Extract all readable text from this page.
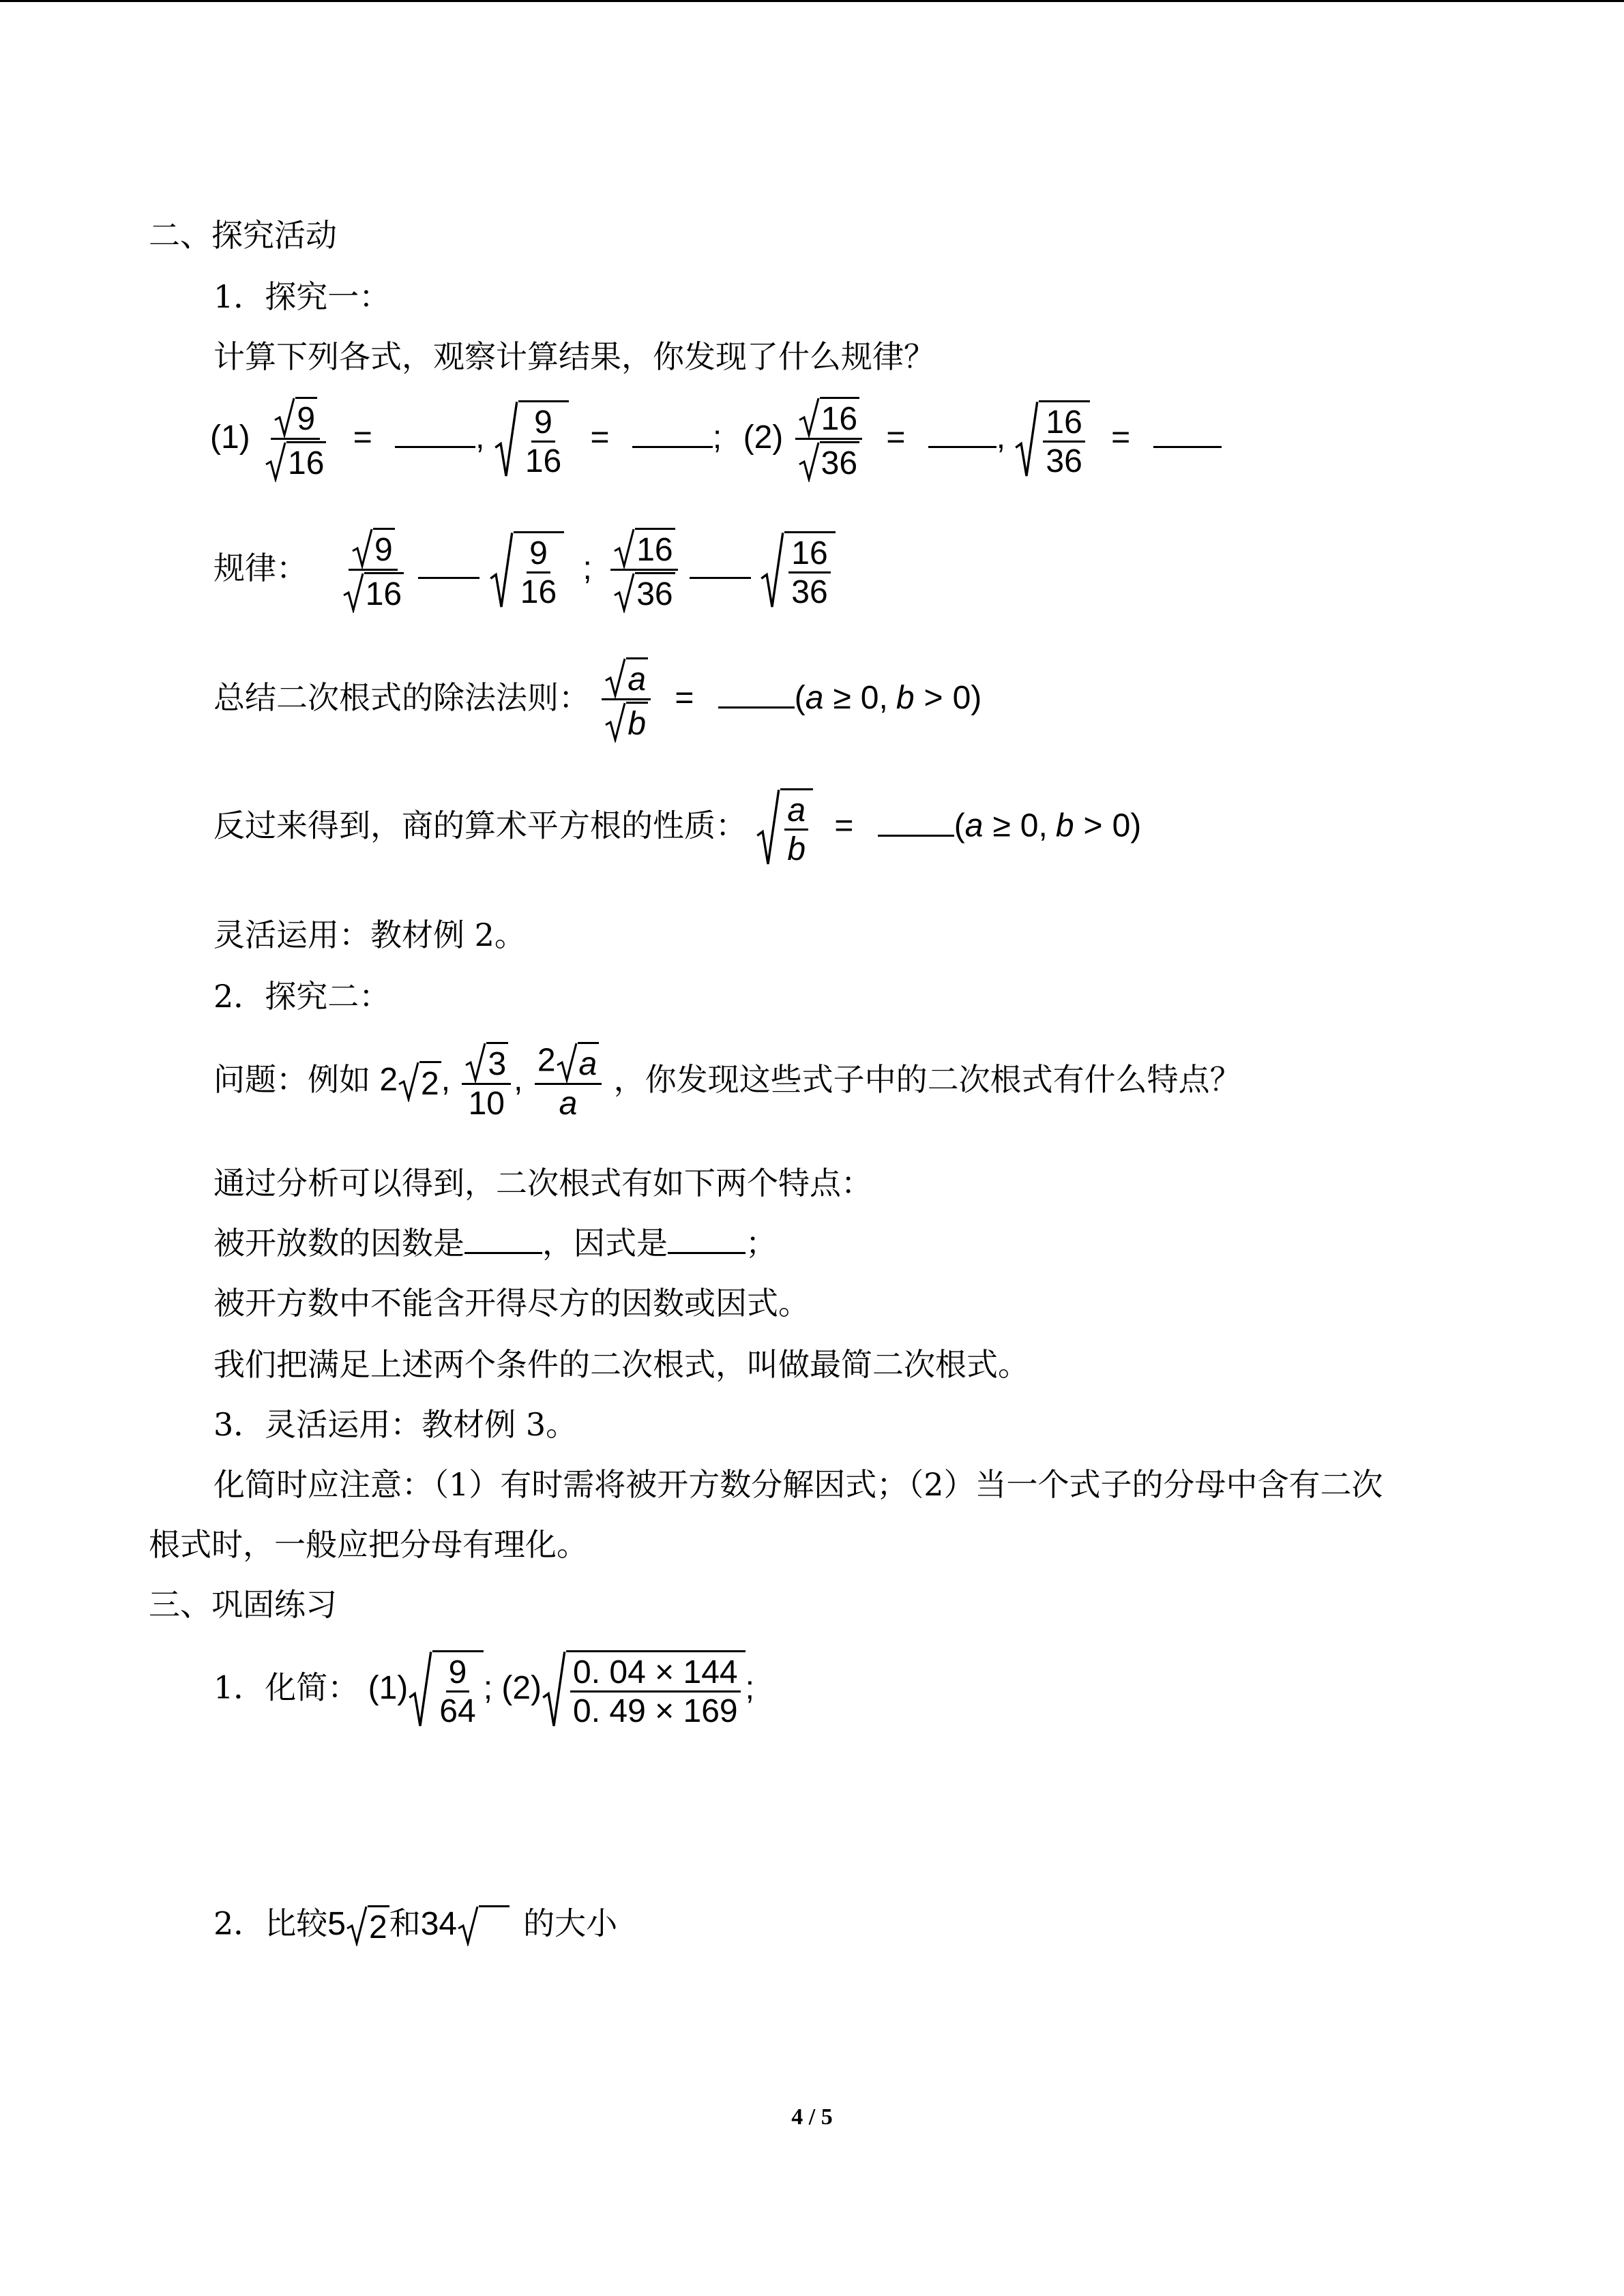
二、探究活动
1．探究一：
计算下列各式，观察计算结果，你发现了什么规律？
$(1) \frac{9}{16}$ =	, $\frac{9}{16}$ =	; $(2) \frac{16}{36}$ =	, $\frac{16}{36}$ =
规律： $\frac{9}{16}$
	$\frac{9}{16}$ ; $\frac{16}{36}$
	$\frac{16}{36}$
总结二次根式的除法法则： $\frac{a}{b}$ =	(a ≥ 0, b > 0)
反过来得到，商的算术平方根的性质： $\frac{a}{b}$ =	(a ≥ 0, b > 0)
灵活运用：教材例 2。
2．探究二：
问题：例如 2 2 , $\frac{3}{10}$ , $\frac{2 a}{a}$ ，你发现这些式子中的二次根式有什么特点？
通过分析可以得到，二次根式有如下两个特点：
被开放数的因数是 ，因式是 ；
被开方数中不能含开得尽方的因数或因式。
我们把满足上述两个条件的二次根式，叫做最简二次根式。
3．灵活运用：教材例 3。
化简时应注意：（1）有时需将被开方数分解因式；（2）当一个式子的分母中含有二次
根式时，一般应把分母有理化。
三、巩固练习
1．化简： $(1) \frac{9}{64}$ ; $(2) \frac{0. 04 \times 144}{0. 49 \times 169}$ ;
2．比较5 2 和34 的大小
4 / 5
